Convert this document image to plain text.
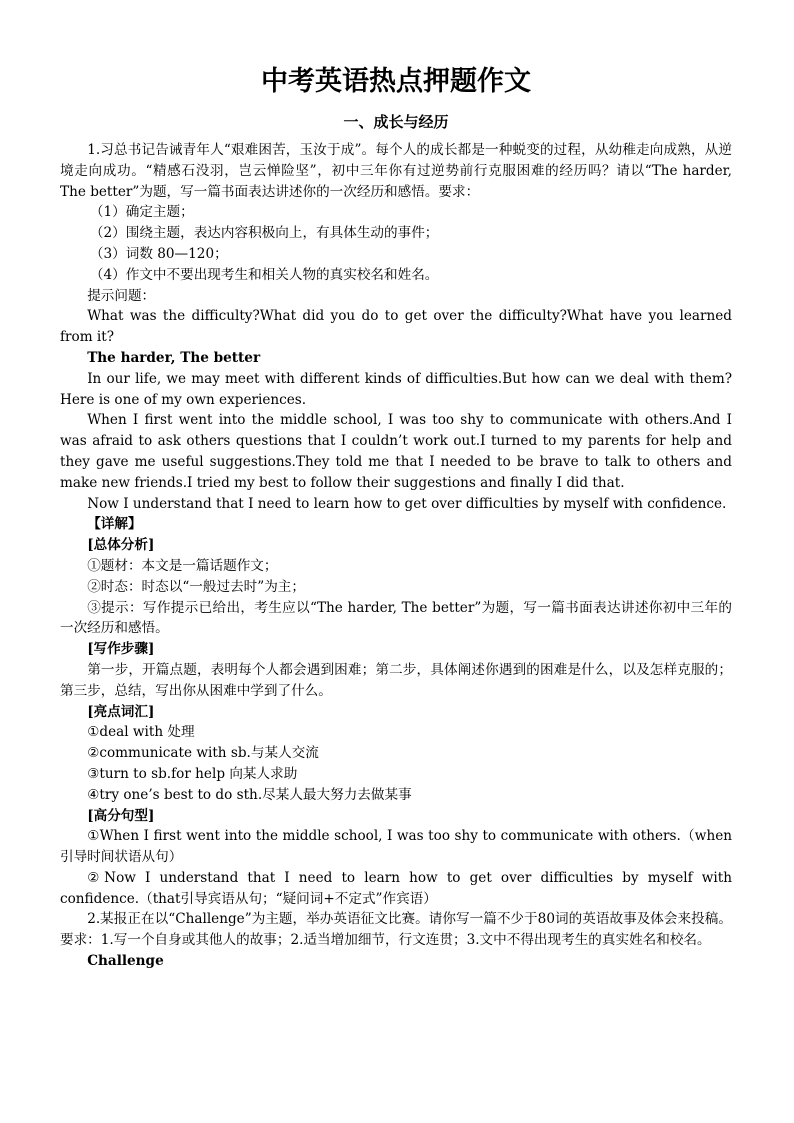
中考英语热点押题作文
一、成长与经历

1.习总书记告诫青年人“艰难困苦，玉汝于成”。每个人的成长都是一种蜕变的过程，从幼稚走向成熟，从逆境走向成功。“精感石没羽，岂云惮险坚”，初中三年你有过逆势前行克服困难的经历吗？请以“The harder, The better”为题，写一篇书面表达讲述你的一次经历和感悟。要求：

（1）确定主题；

（2）围绕主题，表达内容积极向上，有具体生动的事件；

（3）词数 80—120；

（4）作文中不要出现考生和相关人物的真实校名和姓名。

提示问题：

What was the difficulty?What did you do to get over the difficulty?What have you learned from it?

The harder, The better

In our life, we may meet with different kinds of difficulties.But how can we deal with them? Here is one of my own experiences.

When I first went into the middle school, I was too shy to communicate with others.And I was afraid to ask others questions that I couldn’t work out.I turned to my parents for help and they gave me useful suggestions.They told me that I needed to be brave to talk to others and make new friends.I tried my best to follow their suggestions and finally I did that.

Now I understand that I need to learn how to get over difficulties by myself with confidence.

【详解】

[总体分析]

①题材：本文是一篇话题作文；

②时态：时态以“一般过去时”为主；

③提示：写作提示已给出，考生应以“The harder, The better”为题，写一篇书面表达讲述你初中三年的一次经历和感悟。

[写作步骤]

第一步，开篇点题，表明每个人都会遇到困难；第二步，具体阐述你遇到的困难是什么，以及怎样克服的；第三步，总结，写出你从困难中学到了什么。

[亮点词汇]

①deal with 处理

②communicate with sb.与某人交流

③turn to sb.for help 向某人求助

④try one’s best to do sth.尽某人最大努力去做某事

[高分句型]

①When I first went into the middle school, I was too shy to communicate with others.（when引导时间状语从句）

②Now I understand that I need to learn how to get over difficulties by myself with confidence.（that引导宾语从句；“疑问词+不定式”作宾语）

2.某报正在以“Challenge”为主题，举办英语征文比赛。请你写一篇不少于80词的英语故事及体会来投稿。要求：1.写一个自身或其他人的故事；2.适当增加细节，行文连贯；3.文中不得出现考生的真实姓名和校名。

Challenge
